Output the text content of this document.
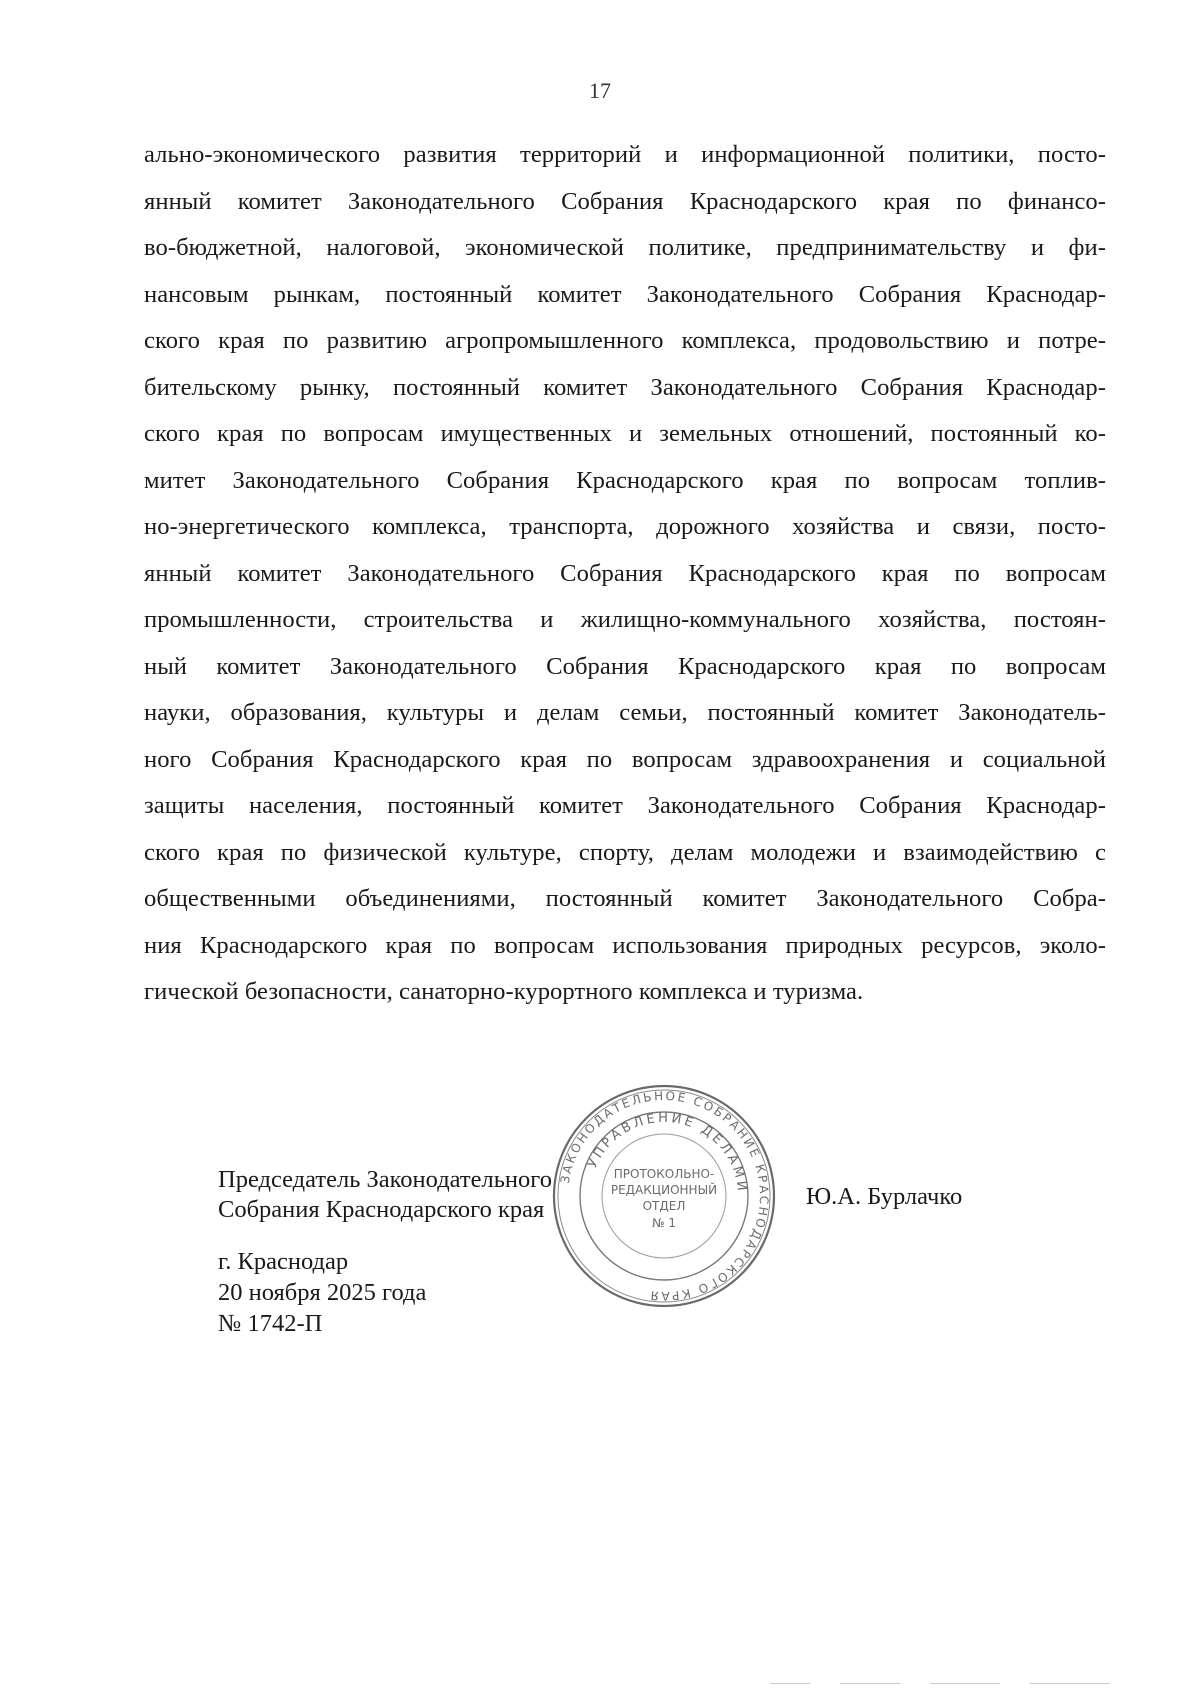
17
ально-экономического развития территорий и информационной политики, посто-
янный комитет Законодательного Собрания Краснодарского края по финансо-
во-бюджетной, налоговой, экономической политике, предпринимательству и фи-
нансовым рынкам, постоянный комитет Законодательного Собрания Краснодар-
ского края по развитию агропромышленного комплекса, продовольствию и потре-
бительскому рынку, постоянный комитет Законодательного Собрания Краснодар-
ского края по вопросам имущественных и земельных отношений, постоянный ко-
митет Законодательного Собрания Краснодарского края по вопросам топлив-
но-энергетического комплекса, транспорта, дорожного хозяйства и связи, посто-
янный комитет Законодательного Собрания Краснодарского края по вопросам
промышленности, строительства и жилищно-коммунального хозяйства, постоян-
ный комитет Законодательного Собрания Краснодарского края по вопросам
науки, образования, культуры и делам семьи, постоянный комитет Законодатель-
ного Собрания Краснодарского края по вопросам здравоохранения и социальной
защиты населения, постоянный комитет Законодательного Собрания Краснодар-
ского края по физической культуре, спорту, делам молодежи и взаимодействию с
общественными объединениями, постоянный комитет Законодательного Собра-
ния Краснодарского края по вопросам использования природных ресурсов, эколо-
гической безопасности, санаторно-курортного комплекса и туризма.
Председатель Законодательного
Собрания Краснодарского края	Ю.А. Бурлачко
г. Краснодар
20 ноября 2025 года
№ 1742-П
ЗАКОНОДАТЕЛЬНОЕ СОБРАНИЕ КРАСНОДАРСКОГО КРАЯ
УПРАВЛЕНИЕ ДЕЛАМИ
ПРОТОКОЛЬНО-
РЕДАКЦИОННЫЙ
ОТДЕЛ
№ 1
